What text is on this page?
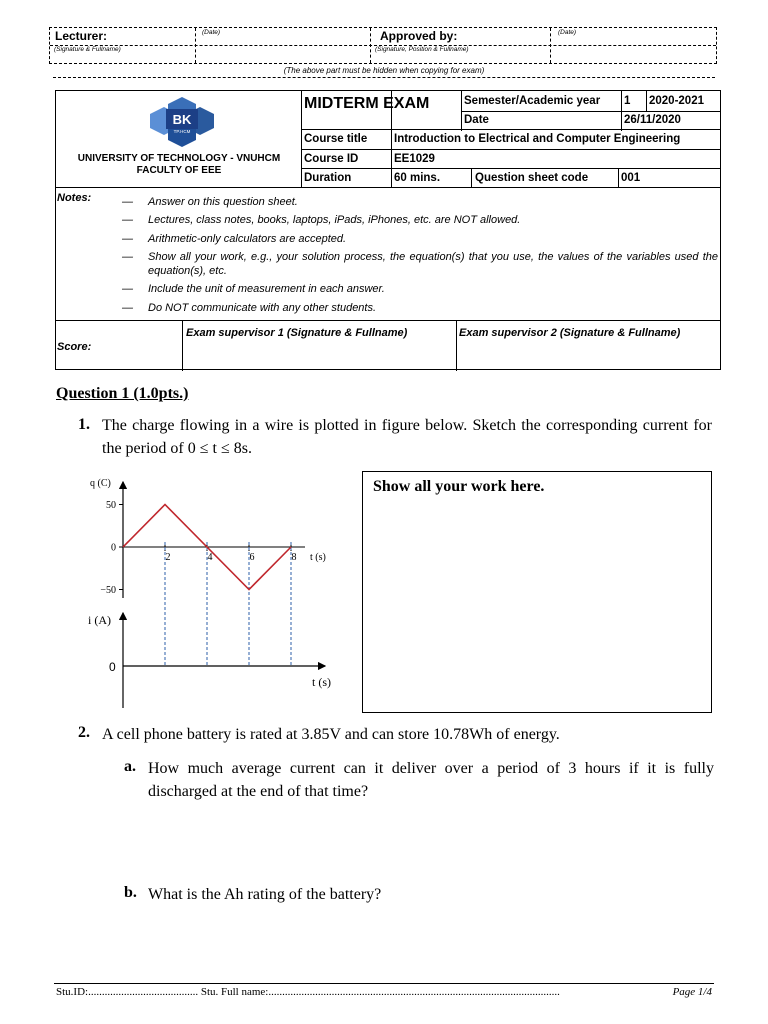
Lecturer:	(Date)
(Signature & Fullname)
Approved by:	(Date)
(Signature, Position & Fullname)
(The above part must be hidden when copying for exam)
BK
TP.HCM
UNIVERSITY OF TECHNOLOGY - VNUHCM
FACULTY OF EEE
MIDTERM EXAM	Semester/Academic year 1 2020-2021
Date	26/11/2020
Course title Introduction to Electrical and Computer Engineering
Course ID	EE1029
Duration	60 mins.	Question sheet code	001
Notes:	— Answer on this question sheet.
— Lectures, class notes, books, laptops, iPads, iPhones, etc. are NOT allowed.
— Arithmetic-only calculators are accepted.
— Show all your work, e.g., your solution process, the equation(s) that you use, the values of the variables used the equation(s), etc.
— Include the unit of measurement in each answer.
— Do NOT communicate with any other students.
Exam supervisor 1 (Signature & Fullname)	Exam supervisor 2 (Signature & Fullname)
Score:
Question 1 (1.0pts.)
1. The charge flowing in a wire is plotted in figure below. Sketch the corresponding current for the period of 0 ≤ t ≤ 8s.
q (C)
t (s)
50
0
−50
2	4	6	8
i (A)
t (s)
0
Show all your work here.
2. A cell phone battery is rated at 3.85V and can store 10.78Wh of energy.
a. How much average current can it deliver over a period of 3 hours if it is fully discharged at the end of that time?
b. What is the Ah rating of the battery?
Stu.ID:........................................ Stu. Full name:..........................................................................................................	Page 1/4
